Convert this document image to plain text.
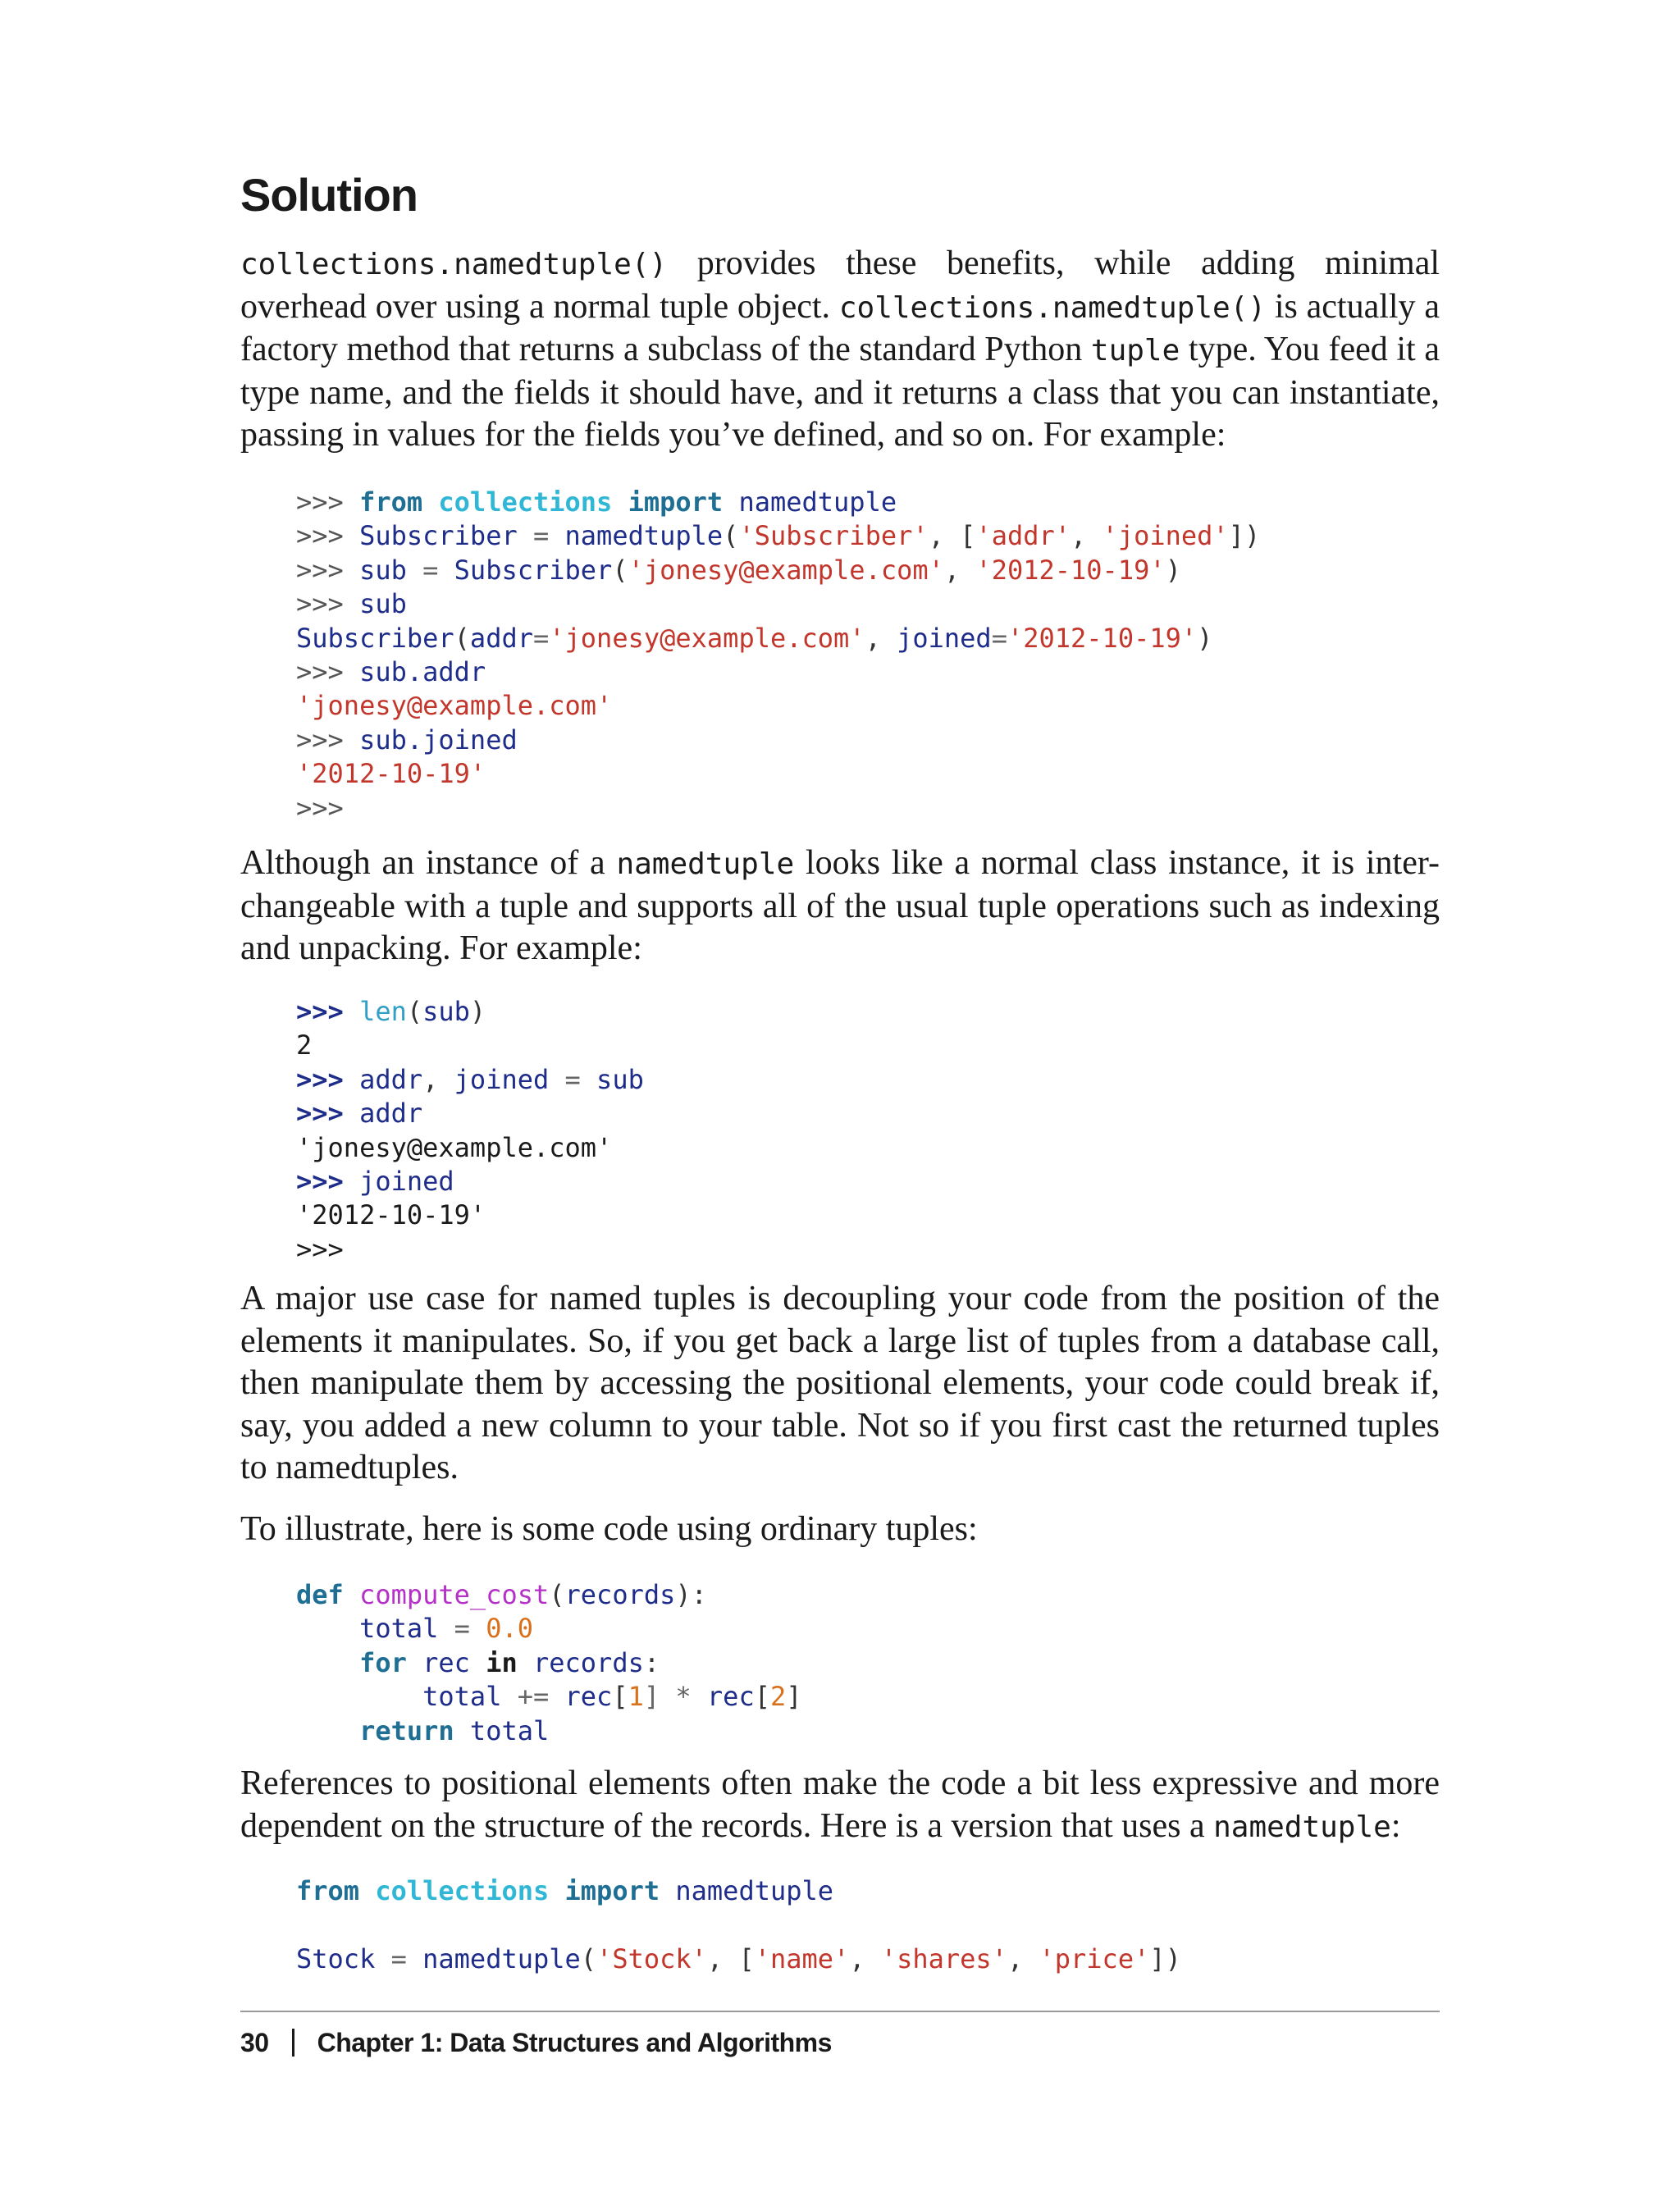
Solution

collections.namedtuple() provides these benefits, while adding minimal overhead over using a normal tuple object. collections.namedtuple() is actually a factory method that returns a subclass of the standard Python tuple type. You feed it a type name, and the fields it should have, and it returns a class that you can instantiate, passing in values for the fields you’ve defined, and so on. For example:

>>> from collections import namedtuple
>>> Subscriber = namedtuple('Subscriber', ['addr', 'joined'])
>>> sub = Subscriber('jonesy@example.com', '2012-10-19')
>>> sub
Subscriber(addr='jonesy@example.com', joined='2012-10-19')
>>> sub.addr
'jonesy@example.com'
>>> sub.joined
'2012-10-19'
>>>

Although an instance of a namedtuple looks like a normal class instance, it is inter-changeable with a tuple and supports all of the usual tuple operations such as indexing and unpacking. For example:

>>> len(sub)
2
>>> addr, joined = sub
>>> addr
'jonesy@example.com'
>>> joined
'2012-10-19'
>>>

A major use case for named tuples is decoupling your code from the position of the elements it manipulates. So, if you get back a large list of tuples from a database call, then manipulate them by accessing the positional elements, your code could break if, say, you added a new column to your table. Not so if you first cast the returned tuples to namedtuples.

To illustrate, here is some code using ordinary tuples:

def compute_cost(records):
total = 0.0
for rec in records:
total += rec[1] * rec[2]
return total

References to positional elements often make the code a bit less expressive and more dependent on the structure of the records. Here is a version that uses a namedtuple:

from collections import namedtuple
Stock = namedtuple('Stock', ['name', 'shares', 'price'])
30 Chapter 1: Data Structures and Algorithms
